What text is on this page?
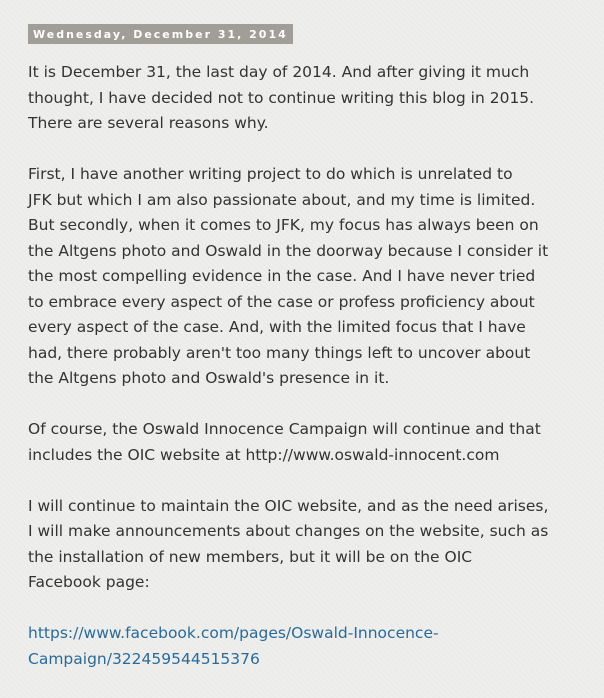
Wednesday, December 31, 2014

It is December 31, the last day of 2014. And after giving it much
thought, I have decided not to continue writing this blog in 2015.
There are several reasons why.

First, I have another writing project to do which is unrelated to
JFK but which I am also passionate about, and my time is limited.
But secondly, when it comes to JFK, my focus has always been on
the Altgens photo and Oswald in the doorway because I consider it
the most compelling evidence in the case. And I have never tried
to embrace every aspect of the case or profess proficiency about
every aspect of the case. And, with the limited focus that I have
had, there probably aren't too many things left to uncover about
the Altgens photo and Oswald's presence in it.

Of course, the Oswald Innocence Campaign will continue and that
includes the OIC website at http://www.oswald-innocent.com

I will continue to maintain the OIC website, and as the need arises,
I will make announcements about changes on the website, such as
the installation of new members, but it will be on the OIC
Facebook page:

https://www.facebook.com/pages/Oswald-Innocence-
Campaign/322459544515376
